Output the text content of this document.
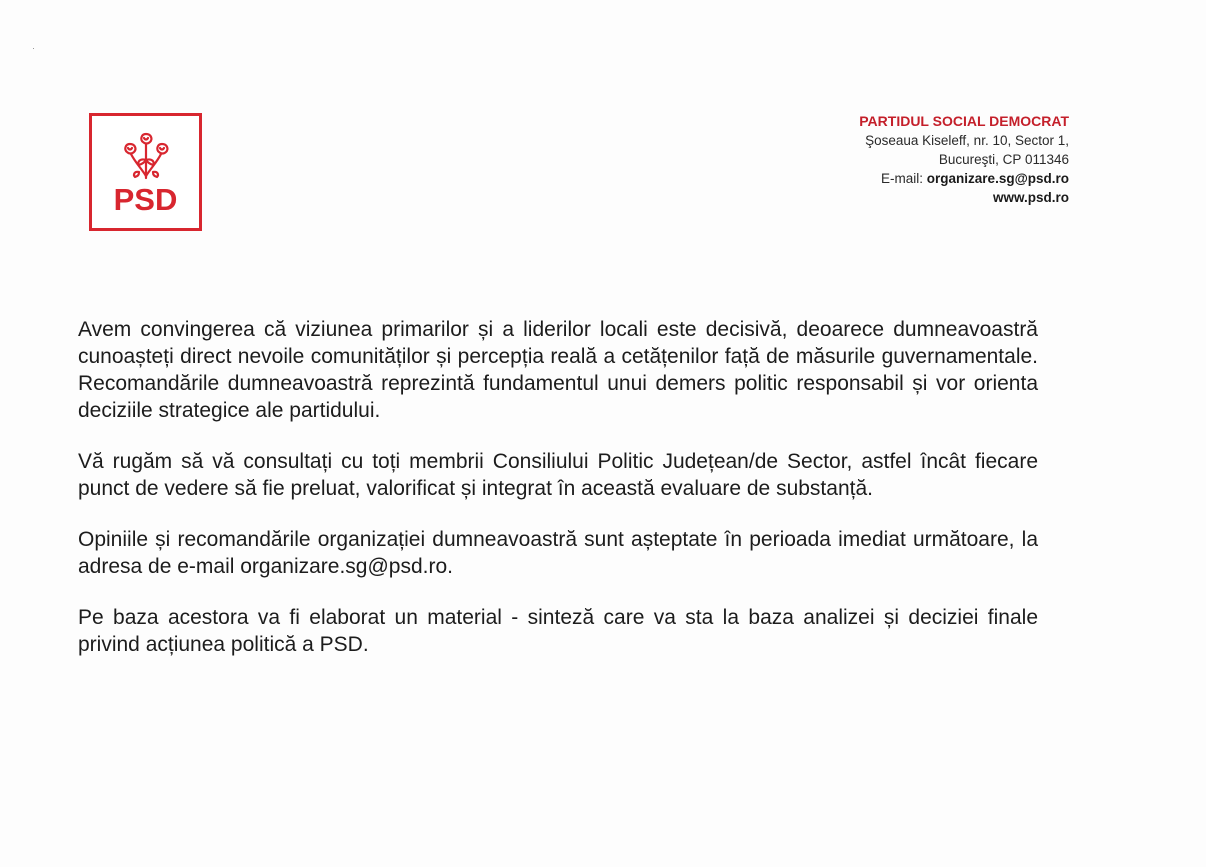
·
PSD
PARTIDUL SOCIAL DEMOCRAT
Şoseaua Kiseleff, nr. 10, Sector 1,
Bucureşti, CP 011346
E-mail: organizare.sg@psd.ro
www.psd.ro

Avem convingerea că viziunea primarilor și a liderilor locali este decisivă, deoarece dumneavoastră cunoașteți direct nevoile comunităților și percepția reală a cetățenilor față de măsurile guvernamentale. Recomandările dumneavoastră reprezintă fundamentul unui demers politic responsabil și vor orienta deciziile strategice ale partidului.

Vă rugăm să vă consultați cu toți membrii Consiliului Politic Județean/de Sector, astfel încât fiecare punct de vedere să fie preluat, valorificat și integrat în această evaluare de substanță.

Opiniile și recomandările organizației dumneavoastră sunt așteptate în perioada imediat următoare, la adresa de e-mail organizare.sg@psd.ro.

Pe baza acestora va fi elaborat un material - sinteză care va sta la baza analizei și deciziei finale privind acțiunea politică a PSD.
